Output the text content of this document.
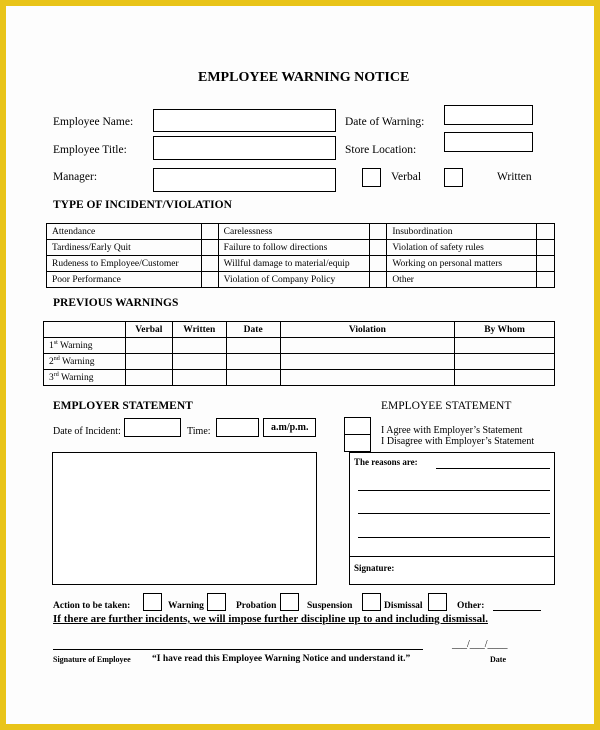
EMPLOYEE WARNING NOTICE
Employee Name:
Employee Title:
Manager:
Date of Warning:
Store Location:
Verbal	Written
TYPE OF INCIDENT/VIOLATION
Attendance		Carelessness		Insubordination	
Tardiness/Early Quit		Failure to follow directions		Violation of safety rules	
Rudeness to Employee/Customer		Willful damage to material/equip		Working on personal matters	
Poor Performance		Violation of Company Policy		Other	
PREVIOUS WARNINGS
	Verbal	Written	Date	Violation	By Whom
1st Warning					
2nd Warning					
3rd Warning					
EMPLOYER STATEMENT
Date of Incident:	Time:	a.m/p.m.
EMPLOYEE STATEMENT
I Agree with Employer’s Statement
I Disagree with Employer’s Statement
The reasons are:
Signature:
Action to be taken:	Warning	Probation	Suspension	Dismissal	Other:
If there are further incidents, we will impose further discipline up to and including dismissal.
Signature of Employee “I have read this Employee Warning Notice and understand it.”
___/___/____
Date
